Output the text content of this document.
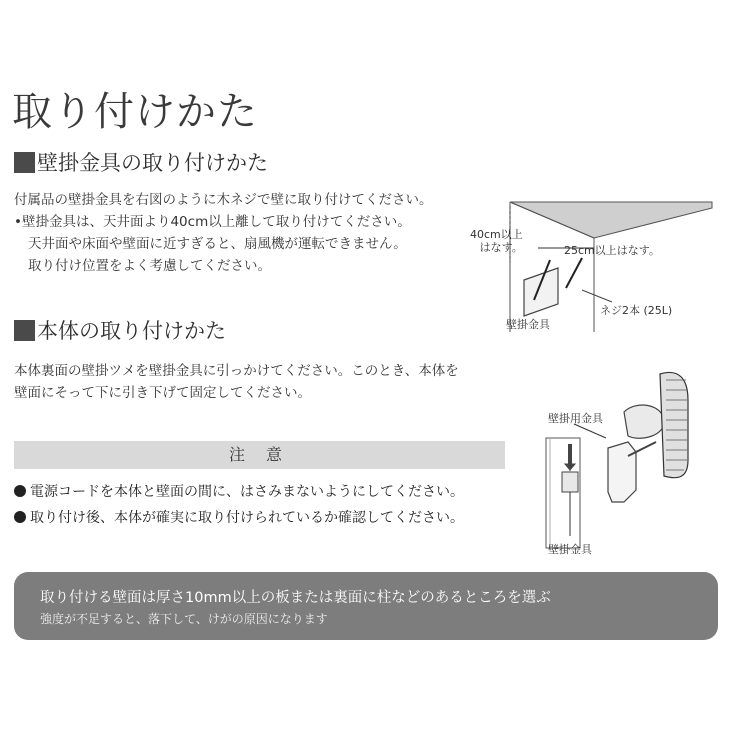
取り付けかた
壁掛金具の取り付けかた
付属品の壁掛金具を右図のように木ネジで壁に取り付けてください。
•壁掛金具は、天井面より40cm以上離して取り付けてください。
天井面や床面や壁面に近すぎると、扇風機が運転できません。
取り付け位置をよく考慮してください。
40cm以上
はなす。	25cm以上はなす。
ネジ2本 (25L)
壁掛金具
本体の取り付けかた
本体裏面の壁掛ツメを壁掛金具に引っかけてください。このとき、本体を
壁面にそって下に引き下げて固定してください。
壁掛用金具
壁掛金具
注 意
電源コードを本体と壁面の間に、はさみまないようにしてください。
取り付け後、本体が確実に取り付けられているか確認してください。
取り付ける壁面は厚さ10mm以上の板または裏面に柱などのあるところを選ぶ
強度が不足すると、落下して、けがの原因になります
